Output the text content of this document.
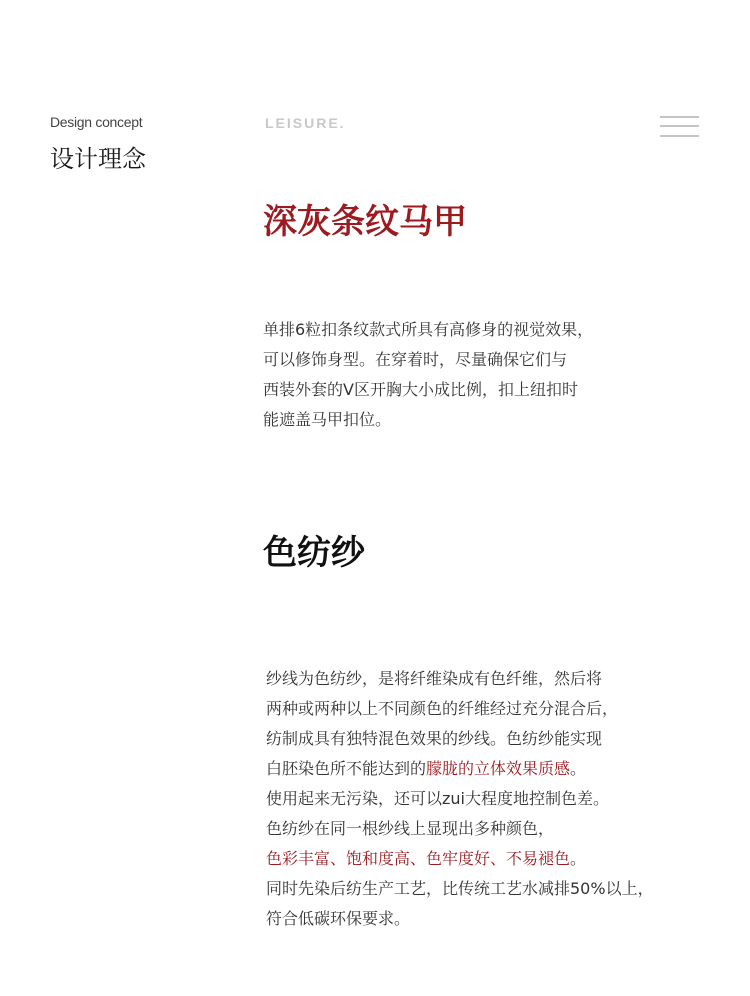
Design concept
设计理念
LEISURE.
深灰条纹马甲

单排6粒扣条纹款式所具有高修身的视觉效果，

可以修饰身型。在穿着时，尽量确保它们与

西装外套的V区开胸大小成比例，扣上纽扣时

能遮盖马甲扣位。

色纺纱

纱线为色纺纱，是将纤维染成有色纤维，然后将

两种或两种以上不同颜色的纤维经过充分混合后，

纺制成具有独特混色效果的纱线。色纺纱能实现

白胚染色所不能达到的朦胧的立体效果质感。

使用起来无污染，还可以zui大程度地控制色差。

色纺纱在同一根纱线上显现出多种颜色，

色彩丰富、饱和度高、色牢度好、不易褪色。

同时先染后纺生产工艺，比传统工艺水减排50%以上，

符合低碳环保要求。
